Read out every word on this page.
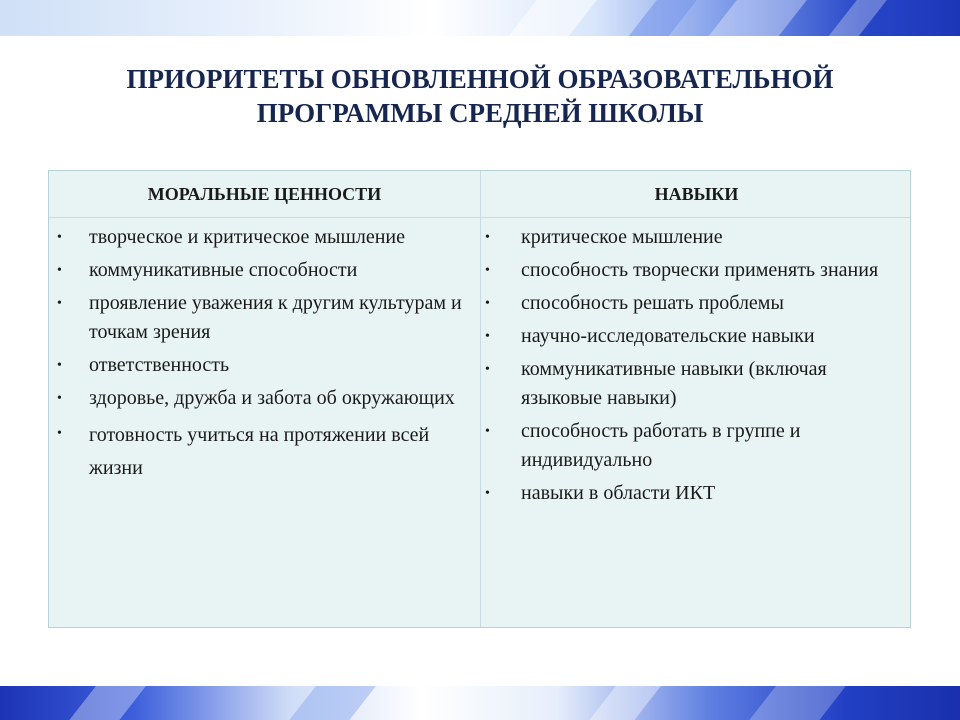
ПРИОРИТЕТЫ ОБНОВЛЕННОЙ ОБРАЗОВАТЕЛЬНОЙ
ПРОГРАММЫ СРЕДНЕЙ ШКОЛЫ
МОРАЛЬНЫЕ ЦЕННОСТИ	НАВЫКИ
• творческое и критическое мышление
• коммуникативные способности
• проявление уважения к другим культурам и точкам зрения
• ответственность
• здоровье, дружба и забота об окружающих
• готовность учиться на протяжении всей жизни
• критическое мышление
• способность творчески применять знания
• способность решать проблемы
• научно-исследовательские навыки
• коммуникативные навыки (включая языковые навыки)
• способность работать в группе и индивидуально
• навыки в области ИКТ
